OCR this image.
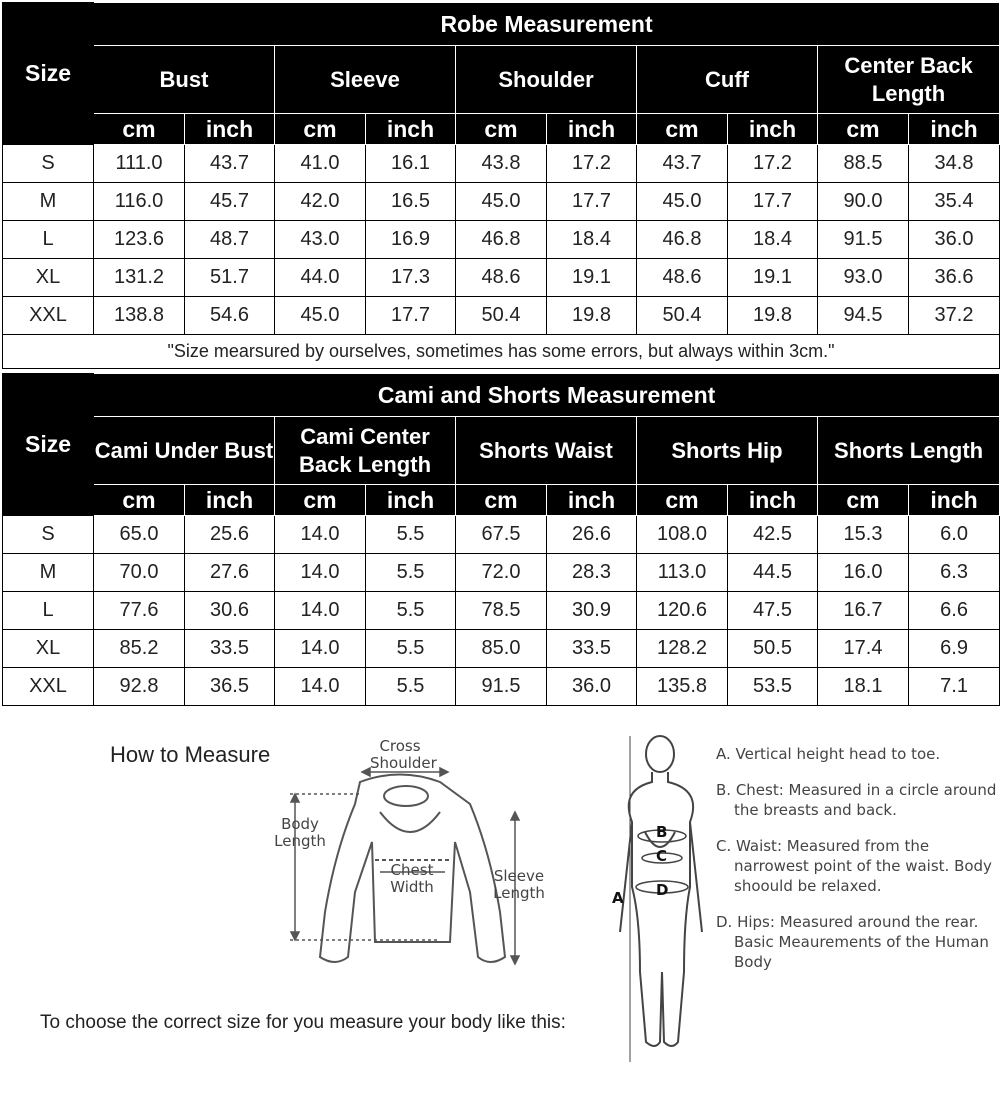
Size	Robe Measurement									
	Bust		Sleeve		Shoulder		Cuff		Center Back Length	
	cm	inch	cm	inch	cm	inch	cm	inch	cm	inch
S	111.0	43.7	41.0	16.1	43.8	17.2	43.7	17.2	88.5	34.8
M	116.0	45.7	42.0	16.5	45.0	17.7	45.0	17.7	90.0	35.4
L	123.6	48.7	43.0	16.9	46.8	18.4	46.8	18.4	91.5	36.0
XL	131.2	51.7	44.0	17.3	48.6	19.1	48.6	19.1	93.0	36.6
XXL	138.8	54.6	45.0	17.7	50.4	19.8	50.4	19.8	94.5	37.2
"Size mearsured by ourselves, sometimes has some errors, but always within 3cm."										
Size	Cami and Shorts Measurement									
	Cami Under Bust		Cami Center Back Length		Shorts Waist		Shorts Hip		Shorts Length	
	cm	inch	cm	inch	cm	inch	cm	inch	cm	inch
S	65.0	25.6	14.0	5.5	67.5	26.6	108.0	42.5	15.3	6.0
M	70.0	27.6	14.0	5.5	72.0	28.3	113.0	44.5	16.0	6.3
L	77.6	30.6	14.0	5.5	78.5	30.9	120.6	47.5	16.7	6.6
XL	85.2	33.5	14.0	5.5	85.0	33.5	128.2	50.5	17.4	6.9
XXL	92.8	36.5	14.0	5.5	91.5	36.0	135.8	53.5	18.1	7.1
How to Measure	Cross Shoulder
Body Length
Chest Width
Sleeve Length	A
B
C
D
A. Vertical height head to toe.
B. Chest: Measured in a circle around the breasts and back.
C. Waist: Measured from the narrowest point of the waist. Body shoould be relaxed.
D. Hips: Measured around the rear. Basic Meaurements of the Human Body
To choose the correct size for you measure your body like this:
